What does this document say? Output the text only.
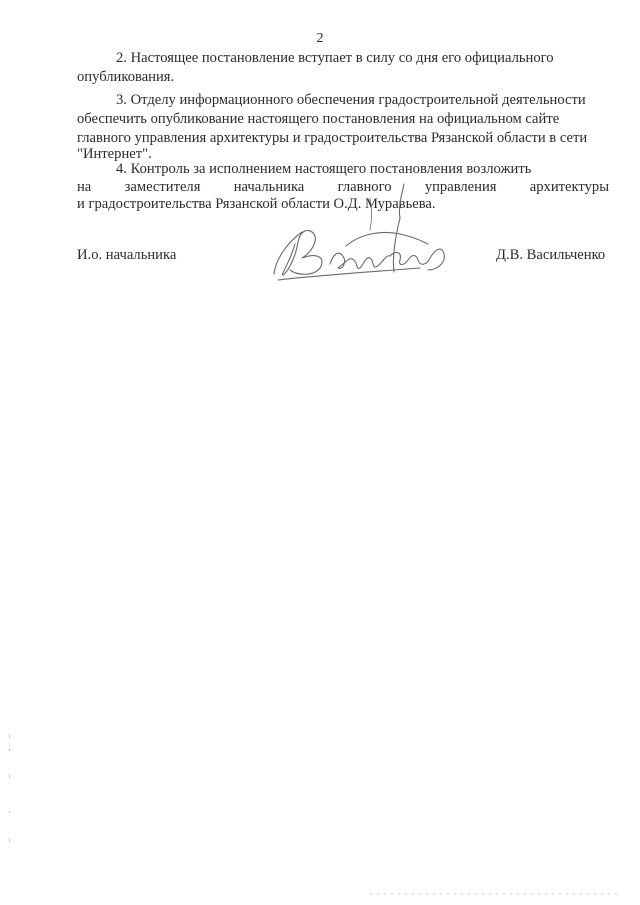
2
2. Настоящее постановление вступает в силу со дня его официального
опубликования.
3. Отделу информационного обеспечения градостроительной деятельности
обеспечить опубликование настоящего постановления на официальном сайте
главного управления архитектуры и градостроительства Рязанской области в сети
"Интернет".
4. Контроль за исполнением настоящего постановления возложить
на заместителя начальника главного управления архитектуры
и градостроительства Рязанской области О.Д. Муравьева.
И.о. начальника	Д.В. Васильченко
